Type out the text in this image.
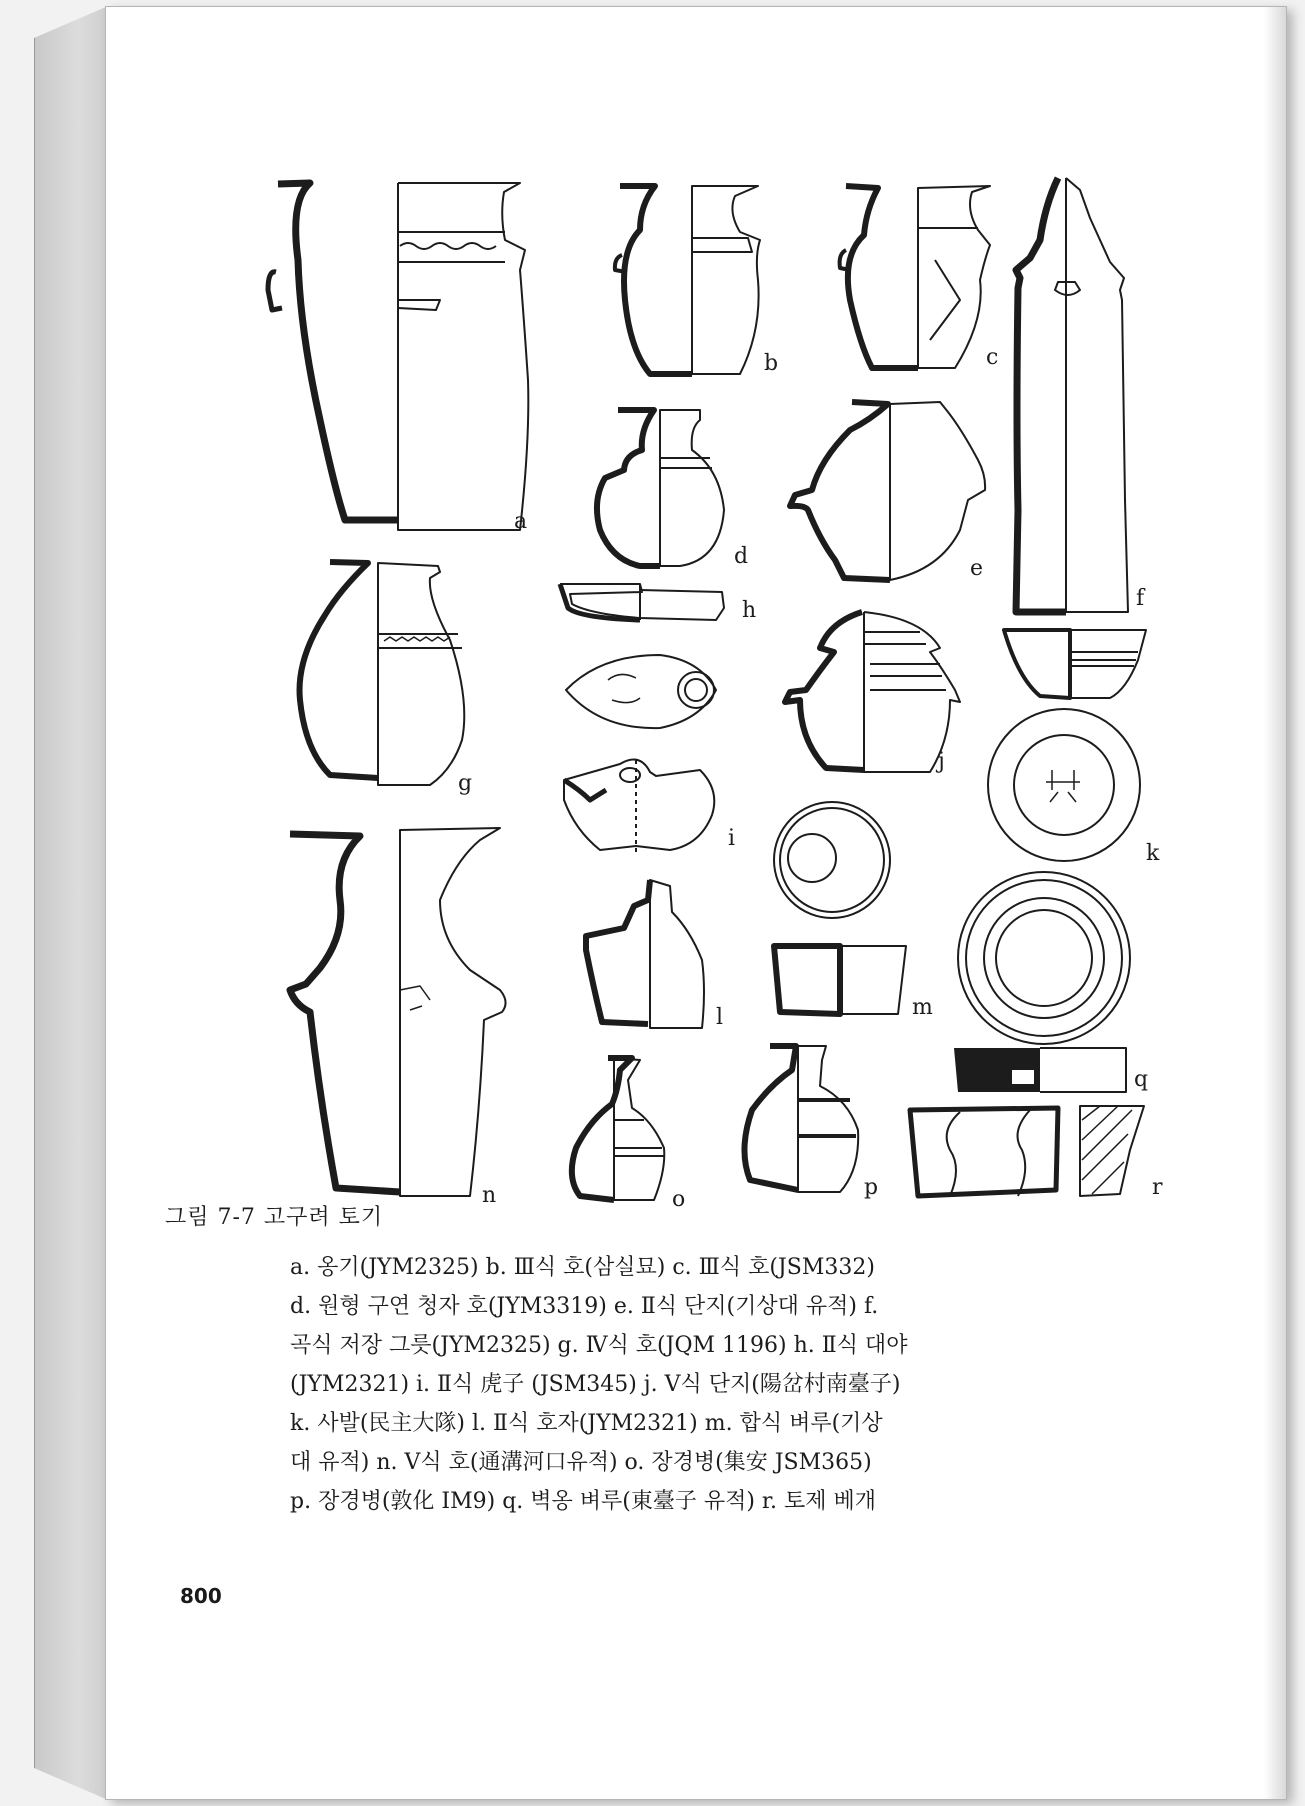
a
b	c
d	e
f
g
h
i
j
k
l	m
n	o	p
q
r
그림 7-7 고구려 토기
a. 옹기(JYM2325) b. Ⅲ식 호(삼실묘) c. Ⅲ식 호(JSM332)
d. 원형 구연 청자 호(JYM3319) e. Ⅱ식 단지(기상대 유적) f.
곡식 저장 그릇(JYM2325) g. Ⅳ식 호(JQM 1196) h. Ⅱ식 대야
(JYM2321) i. Ⅱ식 虎子 (JSM345) j. Ⅴ식 단지(陽岔村南臺子)
k. 사발(民主大隊) l. Ⅱ식 호자(JYM2321) m. 합식 벼루(기상
대 유적) n. Ⅴ식 호(通溝河口유적) o. 장경병(集安 JSM365)
p. 장경병(敦化 IM9) q. 벽옹 벼루(東臺子 유적) r. 토제 베개
800
